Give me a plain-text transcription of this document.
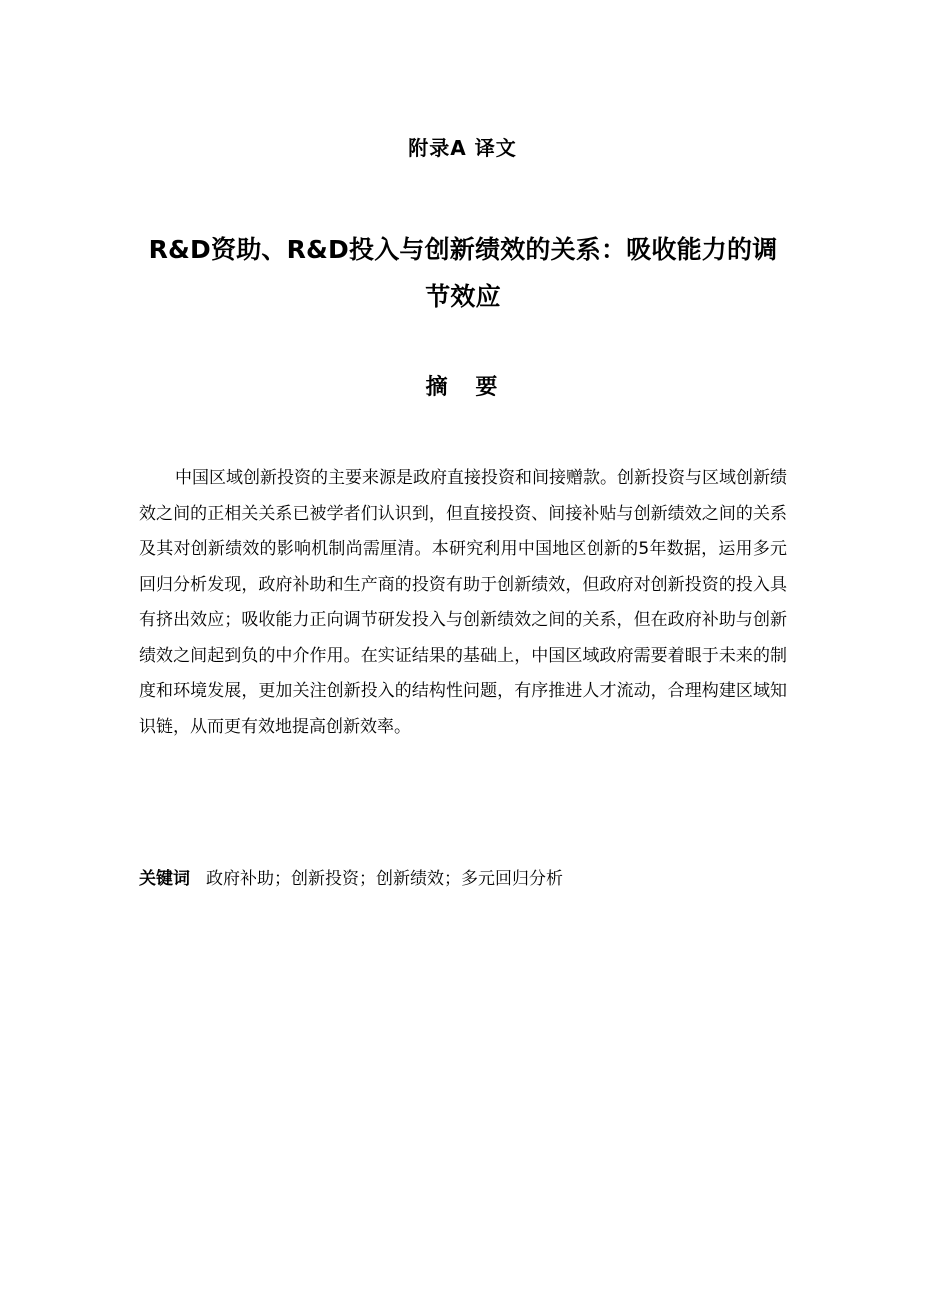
附录A 译文
R&D资助、R&D投入与创新绩效的关系：吸收能力的调节效应
摘 要

中国区域创新投资的主要来源是政府直接投资和间接赠款。创新投资与区域创新绩效之间的正相关关系已被学者们认识到，但直接投资、间接补贴与创新绩效之间的关系及其对创新绩效的影响机制尚需厘清。本研究利用中国地区创新的5年数据，运用多元回归分析发现，政府补助和生产商的投资有助于创新绩效，但政府对创新投资的投入具有挤出效应；吸收能力正向调节研发投入与创新绩效之间的关系，但在政府补助与创新绩效之间起到负的中介作用。在实证结果的基础上，中国区域政府需要着眼于未来的制度和环境发展，更加关注创新投入的结构性问题，有序推进人才流动，合理构建区域知识链，从而更有效地提高创新效率。

关键词 政府补助；创新投资；创新绩效；多元回归分析
